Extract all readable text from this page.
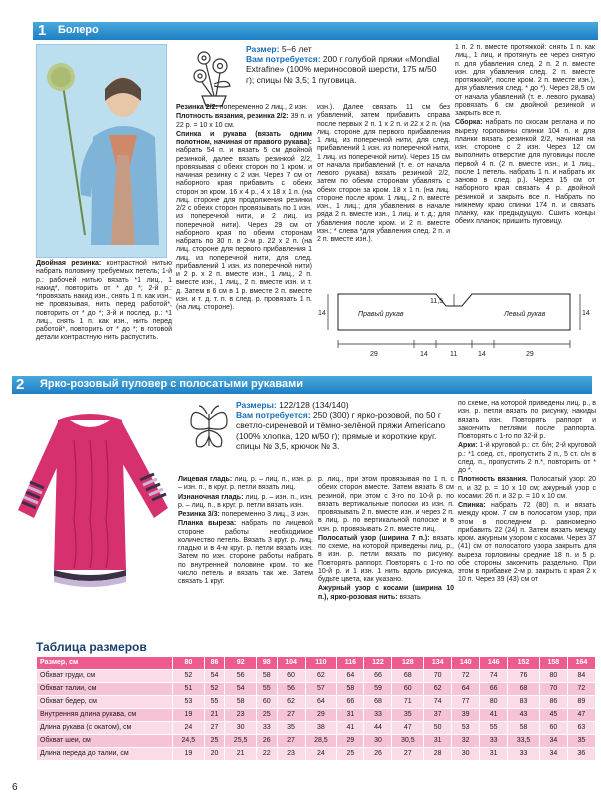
1 Болеро
Размер: 5–6 лет
Вам потребуется: 200 г голубой пряжи «Mondial Extrafine» (100% мериносовой шерсти, 175 м/50 г); спицы № 3,5; 1 пуговица.

Резинка 2/2: попеременно 2 лиц., 2 изн.

Плотность вязания, резинка 2/2: 39 п. и 22 р. = 10 х 10 см.

Спинка и рукава (вязать одним полотном, начиная от правого рукава): набрать 54 п. и вязать 5 см двойной резинкой, далее вязать резинкой 2/2, провязывая с обеих сторон по 1 кром. и начиная резинку с 2 изн. Через 7 см от наборного края прибавить с обеих сторон эп кром. 16 х 4 р., 4 х 18 х 1 п. (на лиц. стороне для продолжения резинки 2/2 с обеих сторон провязывать по 1 изн. из поперечной нити, и 2 лиц. из поперечной нити). Через 29 см от наборного края по обеим сторонам набрать по 30 п. в 2-м р. 22 х 2 п. (на лиц. стороне для первого прибавления 1 лиц. из поперечной нити, для след. прибавлений 1 изн. из поперечной нити) и 2 р. х 2 п. вместе изн., 1 лиц., 2 п. вместе изн., 1 лиц., 2 п. вместе изн. и т. д. Затем в 6 см в 1 р. вместе 2 п. вместе изн. и т. д. т. п. в след. р. провязать 1 п. (на лиц. стороне).

изн.). Далее связать 11 см без убавлений, затем прибавить справа после первых 2 п. 1 х 2 п. и 22 х 2 п. (на лиц. стороне для первого прибавления 1 лиц. из поперечной нити, для след. прибавлений 1 изн. из поперечной нити, 1 лиц. из поперечной нити). Через 15 см от начала прибавлений (т. е. от начала левого рукава) вязать резинкой 2/2, затем по обеим сторонам убавлять с обеих сторон за кром. 18 х 1 п. (на лиц. стороне после кром. 1 лиц., 2 п. вместе изн., 1 лиц.; для убавления в начале ряда 2 п. вместе изн., 1 лиц. и т. д.; для убавления после кром. и 2 п. вместе изн.; * слева *для убавления след. 2 п. и 2 п. вместе изн.).

1 п. 2 п. вместе протяжкой: снять 1 п. как лиц., 1 лиц. и протянуть ее через снятую п. для убавления след. 2 п. 2 п. вместе изн. для убавления след. 2 п. вместе протяжкой*, после кром. 2 п. вместе изн.), для убавления след. * до *). Через 28,5 см от начала убавлений (т. е. левого рукава) провязать 6 см двойной резинкой и закрыть все п.

Сборка: набрать по скосам реглана и по вырезу горловины спинки 104 п. и для планки вязать резинкой 2/2, начиная на изн. стороне с 2 изн. Через 12 см выполнить отверстие для пуговицы после первой 4 п. (2 п. вместе изн., и 1 лиц., после 1 петель. набрать 1 п. и набрать их заново в след. р.). Через 15 см от наборного края связать 4 р. двойной резинкой и закрыть все п. Набрать по нижнему краю спинки 174 п. и связать планку, как предыдущую. Сшить концы обеих планок; пришить пуговицу.

Двойная резинка: контрастной нитью набрать половину требуемых петель; 1-й р.: рабочей нитью вязать *1 лиц., 1 накид*, повторить от * до *; 2-й р.: *провязать накид изн., снять 1 п. как изн., не провязывая, нить перед работой*, повторить от * до *; 3-й и послед. р.: *1 лиц., снять 1 п. как изн., нить перед работой*, повторить от * до *; в готовой детали контрастную нить распустить.

Правый рукав	Левый рукав
11,5
14	14
29	14	11	14	29
2 Ярко-розовый пуловер с полосатыми рукавами
Размеры: 122/128 (134/140)
Вам потребуется: 250 (300) г ярко-розовой, по 50 г светло-сиреневой и тёмно-зелёной пряжи Americano (100% хлопка, 120 м/50 г); прямые и короткие круг. спицы № 3,5, крючок № 3.

Лицевая гладь: лиц. р. – лиц. п., изн. р. – изн. п., в круг. р. петли вязать лиц.

Изнаночная гладь: лиц. р. – изн. п., изн. р. – лиц. п., в круг. р. петли вязать изн.

Резинка 3/3: попеременно 3 лиц., 3 изн.

Планка выреза: набрать по лицевой стороне работы необходимое количество петель. Вязать 3 круг. р. лиц. гладью и в 4-м круг. р. петли вязать изн. Затем по изн. стороне работы набрать по внутренней половине кром. то же число петель и вязать так же. Затем связать 1 круг.

р. лиц., при этом провязывая по 1 п. с обеих сторон вместе. Затем вязать 8 см резиной, при этом с 3-го по 10-й р. по вязать вертикальные полоски из изн. п. провязывать 2 п. вместе изн. и через 2 п. в лиц. р. по вертикальной полоске и в изн. р. провязывать 2 п. вместе лиц.

Полосатый узор (ширина 7 п.): вязать по схеме, на которой приведены лиц. р., в изн. р. петли вязать по рисунку. Повторять раппорт. Повторять с 1-го по 10-й р. и 1 изн. 1 нить вдоль рисунка, будьте цвета, как указано.

Ажурный узор с косами (ширина 10 п.), ярко-розовая нить: вязать

по схеме, на которой приведены лиц. р., в изн. р. петли вязать по рисунку, накиды вязать изн. Повторять раппорт и закончить петлями после раппорта. Повторять с 1-го по 32-й р.

Арки: 1-й круговой р.: ст. б/н; 2-й круговой р.: *1 соед. ст., пропустить 2 п., 5 ст. с/н в след. п., пропустить 2 п.*, повторить от * до *.

Плотность вязания. Полосатый узор: 20 п. и 32 р. = 10 х 10 см; ажурный узор с косами: 26 п. и 32 р. = 10 х 10 см.

Спинка: набрать 72 (80) п. и вязать между кром. 7 см в полосатом узор, при этом в последнем р. равномерно прибавить 22 (24) п. Затем вязать между кром. ажурным узором с косами. Через 37 (41) см от полосатого узора закрыть для выреза горловины средние 18 п. и 5 р. обе стороны закончить раздельно. При этом в прибавке 2-м р. закрыть с края 2 х 10 п. Через 39 (43) см от

Таблица размеров
Размер, см	80	86	92	98	104	110	116	122	128	134	140	146	152	158	164
Обхват груди, см	52	54	56	58	60	62	64	66	68	70	72	74	76	80	84
Обхват талии, см	51	52	54	55	56	57	58	59	60	62	64	66	68	70	72
Обхват бедер, см	53	55	58	60	62	64	66	68	71	74	77	80	83	86	89
Внутренняя длина рукава, см	19	21	23	25	27	29	31	33	35	37	39	41	43	45	47
Длина рукава (с окатом), см	24	27	30	33	35	38	41	44	47	50	53	55	58	60	63
Обхват шеи, см	24,5	25	25,5	26	27	28,5	29	30	30,5	31	32	33	33,5	34	35
Длина переда до талии, см	19	20	21	22	23	24	25	26	27	28	30	31	33	34	36
6
